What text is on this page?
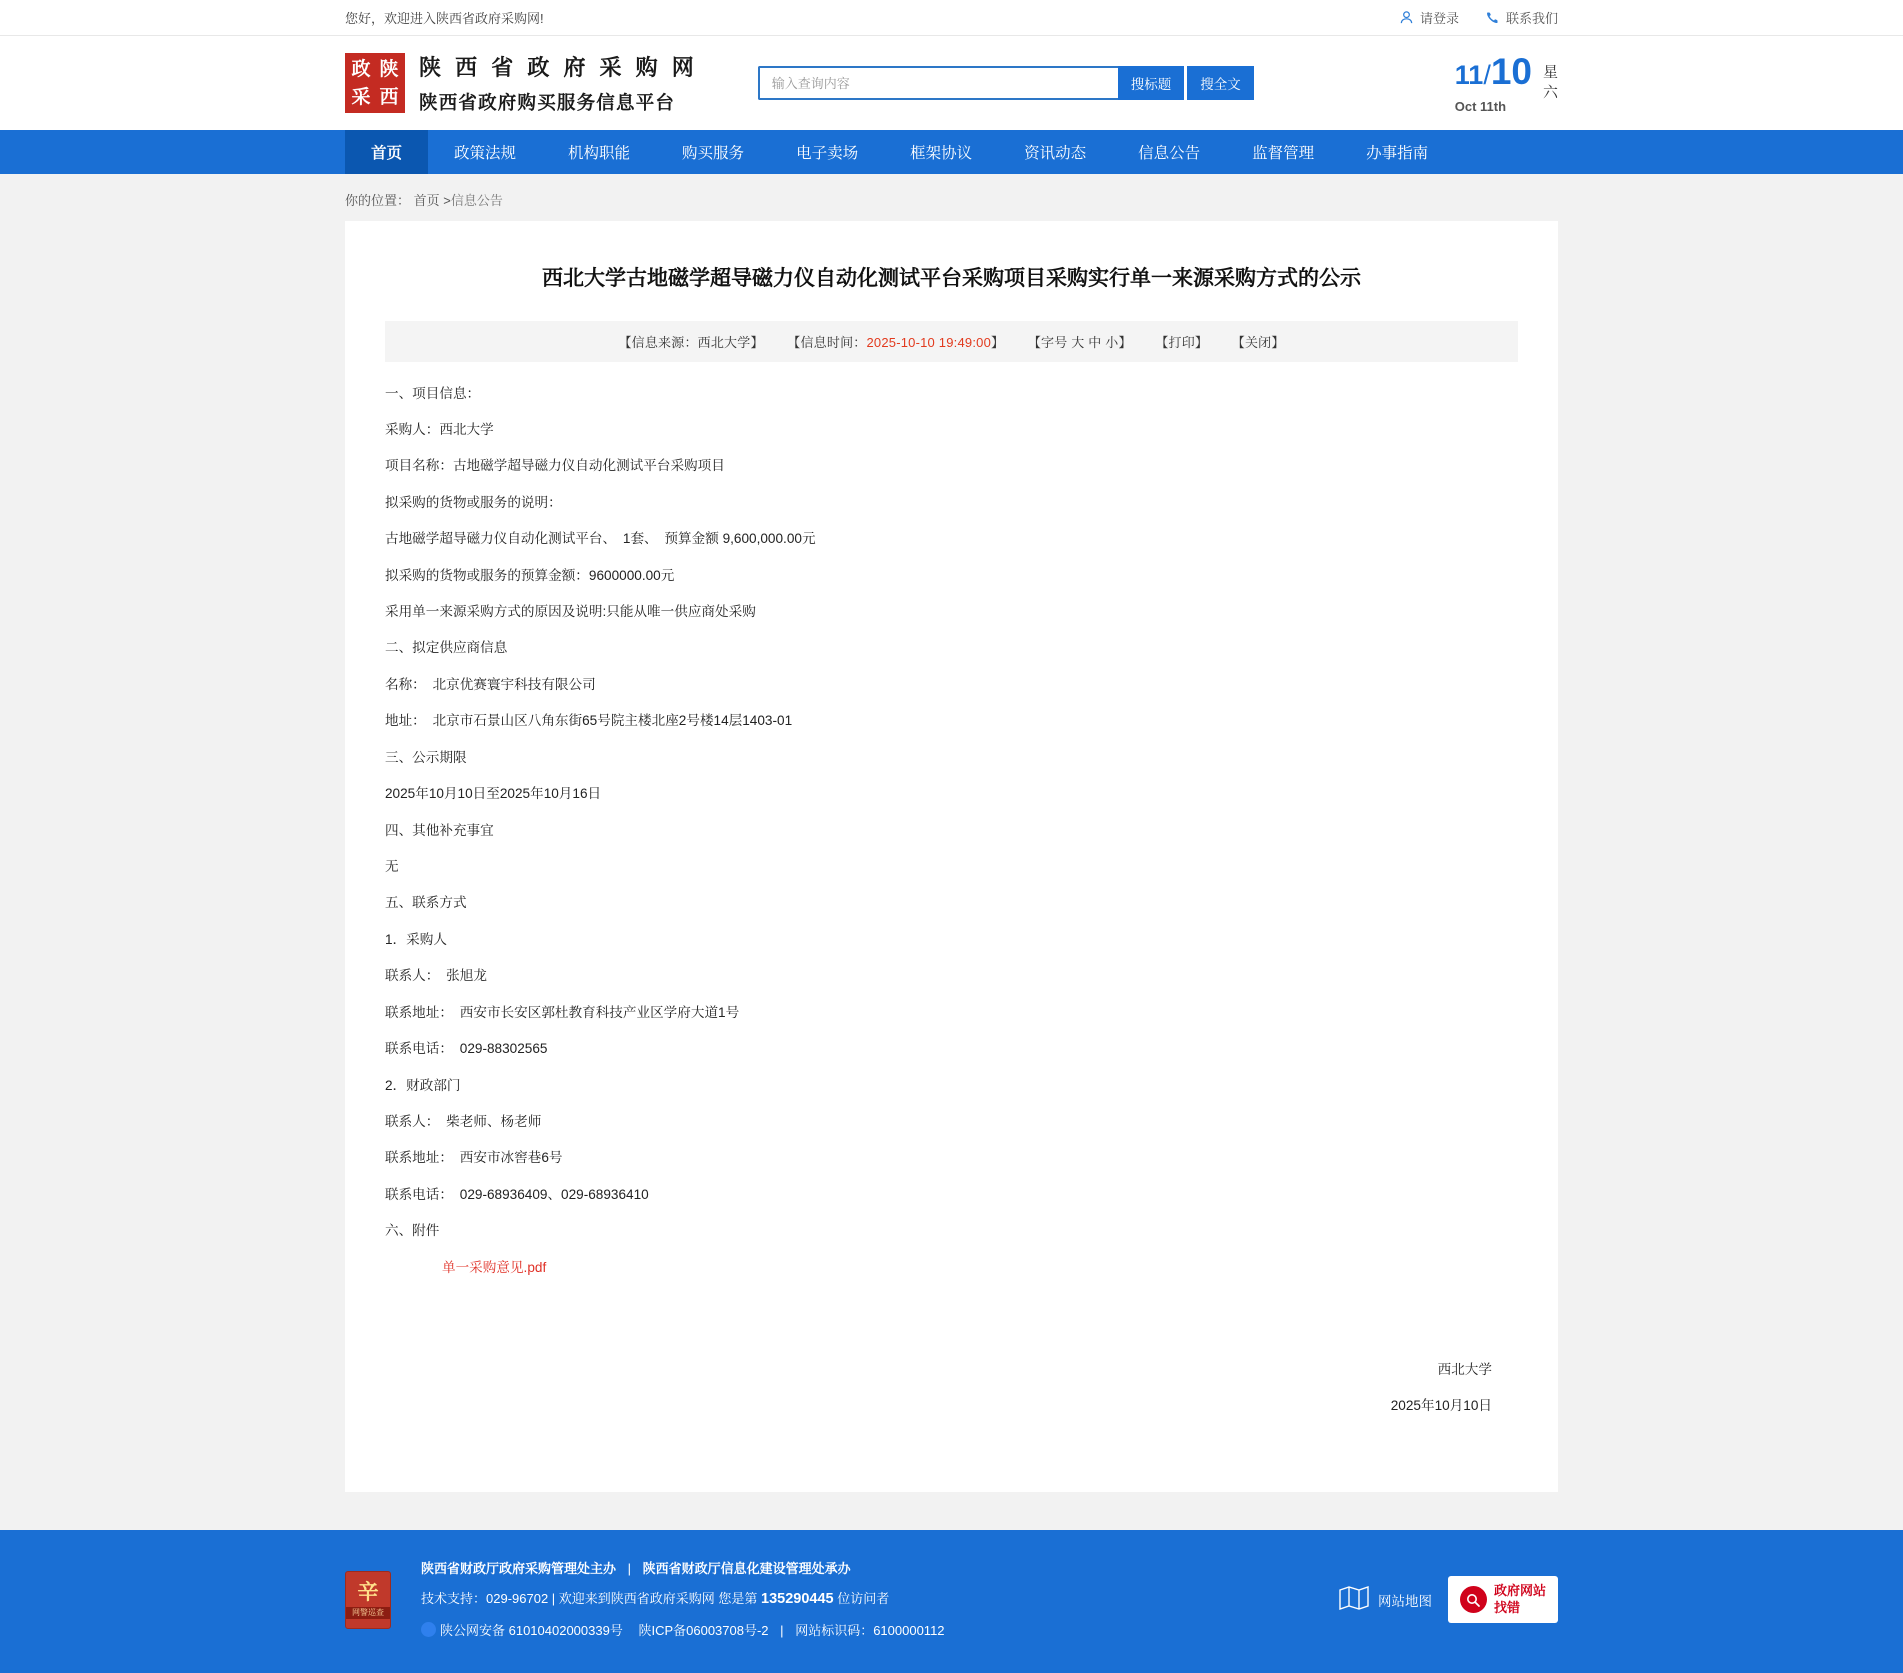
您好，欢迎进入陕西省政府采购网!	请登录	联系我们
政 陕
采 西
陕 西 省 政 府 采 购 网
陕西省政府购买服务信息平台
输入查询内容
搜标题	搜全文	11/10
Oct 11th
星
六
首页	政策法规	机构职能	购买服务	电子卖场	框架协议	资讯动态	信息公告	监督管理	办事指南
你的位置： 首页 >信息公告
西北大学古地磁学超导磁力仪自动化测试平台采购项目采购实行单一来源采购方式的公示
【信息来源：西北大学】 【信息时间：2025-10-10 19:49:00】 【字号 大 中 小】 【打印】 【关闭】

一、项目信息：

采购人：西北大学

项目名称：古地磁学超导磁力仪自动化测试平台采购项目

拟采购的货物或服务的说明：

古地磁学超导磁力仪自动化测试平台、　1套、　预算金额 9,600,000.00元

拟采购的货物或服务的预算金额：9600000.00元

采用单一来源采购方式的原因及说明:只能从唯一供应商处采购

二、拟定供应商信息

名称：　北京优赛寰宇科技有限公司

地址：　北京市石景山区八角东街65号院主楼北座2号楼14层1403-01

三、公示期限

2025年10月10日至2025年10月16日

四、其他补充事宜

无

五、联系方式

1．采购人

联系人：　张旭龙

联系地址：　西安市长安区郭杜教育科技产业区学府大道1号

联系电话：　029-88302565

2．财政部门

联系人：　柴老师、杨老师

联系地址：　西安市冰窖巷6号

联系电话：　029-68936409、029-68936410

六、附件

单一采购意见.pdf

西北大学

2025年10月10日

辛
网警巡查
陕西省财政厅政府采购管理处主办 | 陕西省财政厅信息化建设管理处承办
技术支持：029-96702 | 欢迎来到陕西省政府采购网 您是第 135290445 位访问者
陕公网安备 61010402000339号 陕ICP备06003708号-2 | 网站标识码：6100000112
网站地图
政府网站
找错
